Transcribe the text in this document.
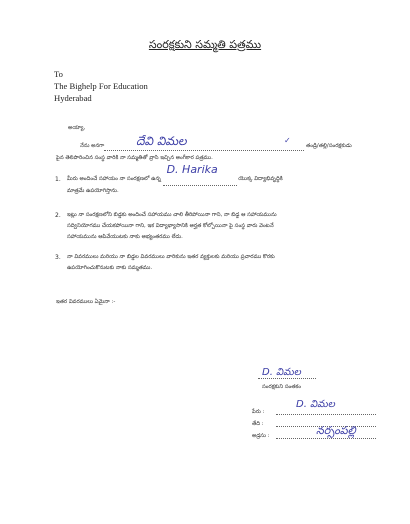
సంరక్షకుని సమ్మతి పత్రము
To
The Bighelp For Education
Hyderabad
అయ్యా,
నేను అనగా	దేవి విమల	✓
తండ్రి/తల్లి/సంరక్షకుడు
పైన తెలిపారించిన సంస్థ వారికి నా సమ్మతితో వ్రాసి ఇచ్చిన అంగీకార పత్రము.
1. మీరు అందించే సహాయం నా సంరక్షణలో ఉన్న
D. Harika
యొక్క విద్యాభివృద్ధికి
మాత్రమే ఉపయోగిస్తాను.
2. ఇట్లు నా సంరక్షణలోని బిడ్డకు అందించే సహాయము చాలి తీరిపోయినా గాని, నా బిడ్డ ఆ సహాయమును
సద్వినియోగము చేయకపోయినా గాని, ఇక విద్యాభ్యాసానికి అర్హత కోల్పోయినా పై సంస్థ వారు వెంటనే
సహాయమును ఆపివేయుటకు నాకు అభ్యంతరము లేదు.
3. నా వివరములు మరియు నా బిడ్డల వివరములు వారికును ఇతర వ్యక్తులకు మరియు ప్రచారము కొరకు
ఉపయోగించుకొనుటకు నాకు సమ్మతము.
ఇతర వివరములు ఏమైనా :-
D. విమల
సంరక్షకుని సంతకం
పేరు :
D. విమల
తేది :
అడ్రసు :	నర్సంపల్లి
